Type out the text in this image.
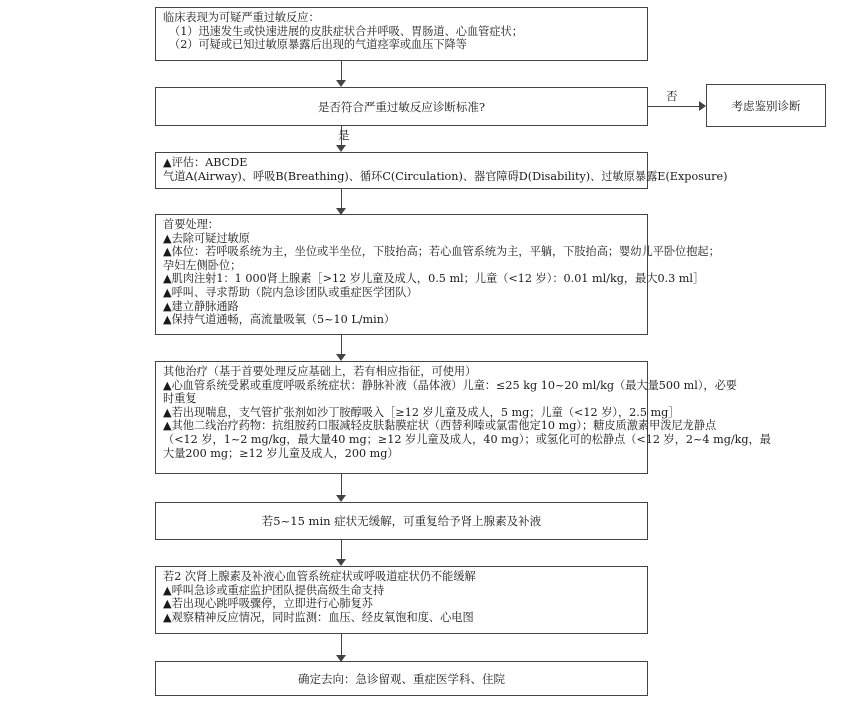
临床表现为可疑严重过敏反应：
（1）迅速发生或快速进展的皮肤症状合并呼吸、胃肠道、心血管症状；
（2）可疑或已知过敏原暴露后出现的气道痉挛或血压下降等
是否符合严重过敏反应诊断标准?
否
考虑鉴别诊断
是
▲评估：ABCDE
气道A(Airway)、呼吸B(Breathing)、循环C(Circulation)、器官障碍D(Disability)、过敏原暴露E(Exposure)
首要处理：
▲去除可疑过敏原
▲体位：若呼吸系统为主，坐位或半坐位，下肢抬高；若心血管系统为主，平躺，下肢抬高；婴幼儿平卧位抱起；
孕妇左侧卧位；
▲肌肉注射1：1 000肾上腺素［>12 岁儿童及成人，0.5 ml；儿童（<12 岁）：0.01 ml/kg，最大0.3 ml］
▲呼叫、寻求帮助（院内急诊团队或重症医学团队）
▲建立静脉通路
▲保持气道通畅，高流量吸氧（5~10 L/min）
其他治疗（基于首要处理反应基础上，若有相应指征，可使用）
▲心血管系统受累或重度呼吸系统症状：静脉补液（晶体液）儿童：≤25 kg 10~20 ml/kg（最大量500 ml），必要
时重复
▲若出现喘息，支气管扩张剂如沙丁胺醇吸入［≥12 岁儿童及成人，5 mg；儿童（<12 岁），2.5 mg］
▲其他二线治疗药物：抗组胺药口服减轻皮肤黏膜症状（西替利嗪或氯雷他定10 mg）；糖皮质激素甲泼尼龙静点
（<12 岁，1~2 mg/kg，最大量40 mg；≥12 岁儿童及成人，40 mg）；或氢化可的松静点（<12 岁，2~4 mg/kg，最
大量200 mg；≥12 岁儿童及成人，200 mg）
若5~15 min 症状无缓解，可重复给予肾上腺素及补液
若2 次肾上腺素及补液心血管系统症状或呼吸道症状仍不能缓解
▲呼叫急诊或重症监护团队提供高级生命支持
▲若出现心跳呼吸骤停，立即进行心肺复苏
▲观察精神反应情况，同时监测：血压、经皮氧饱和度、心电图
确定去向：急诊留观、重症医学科、住院
